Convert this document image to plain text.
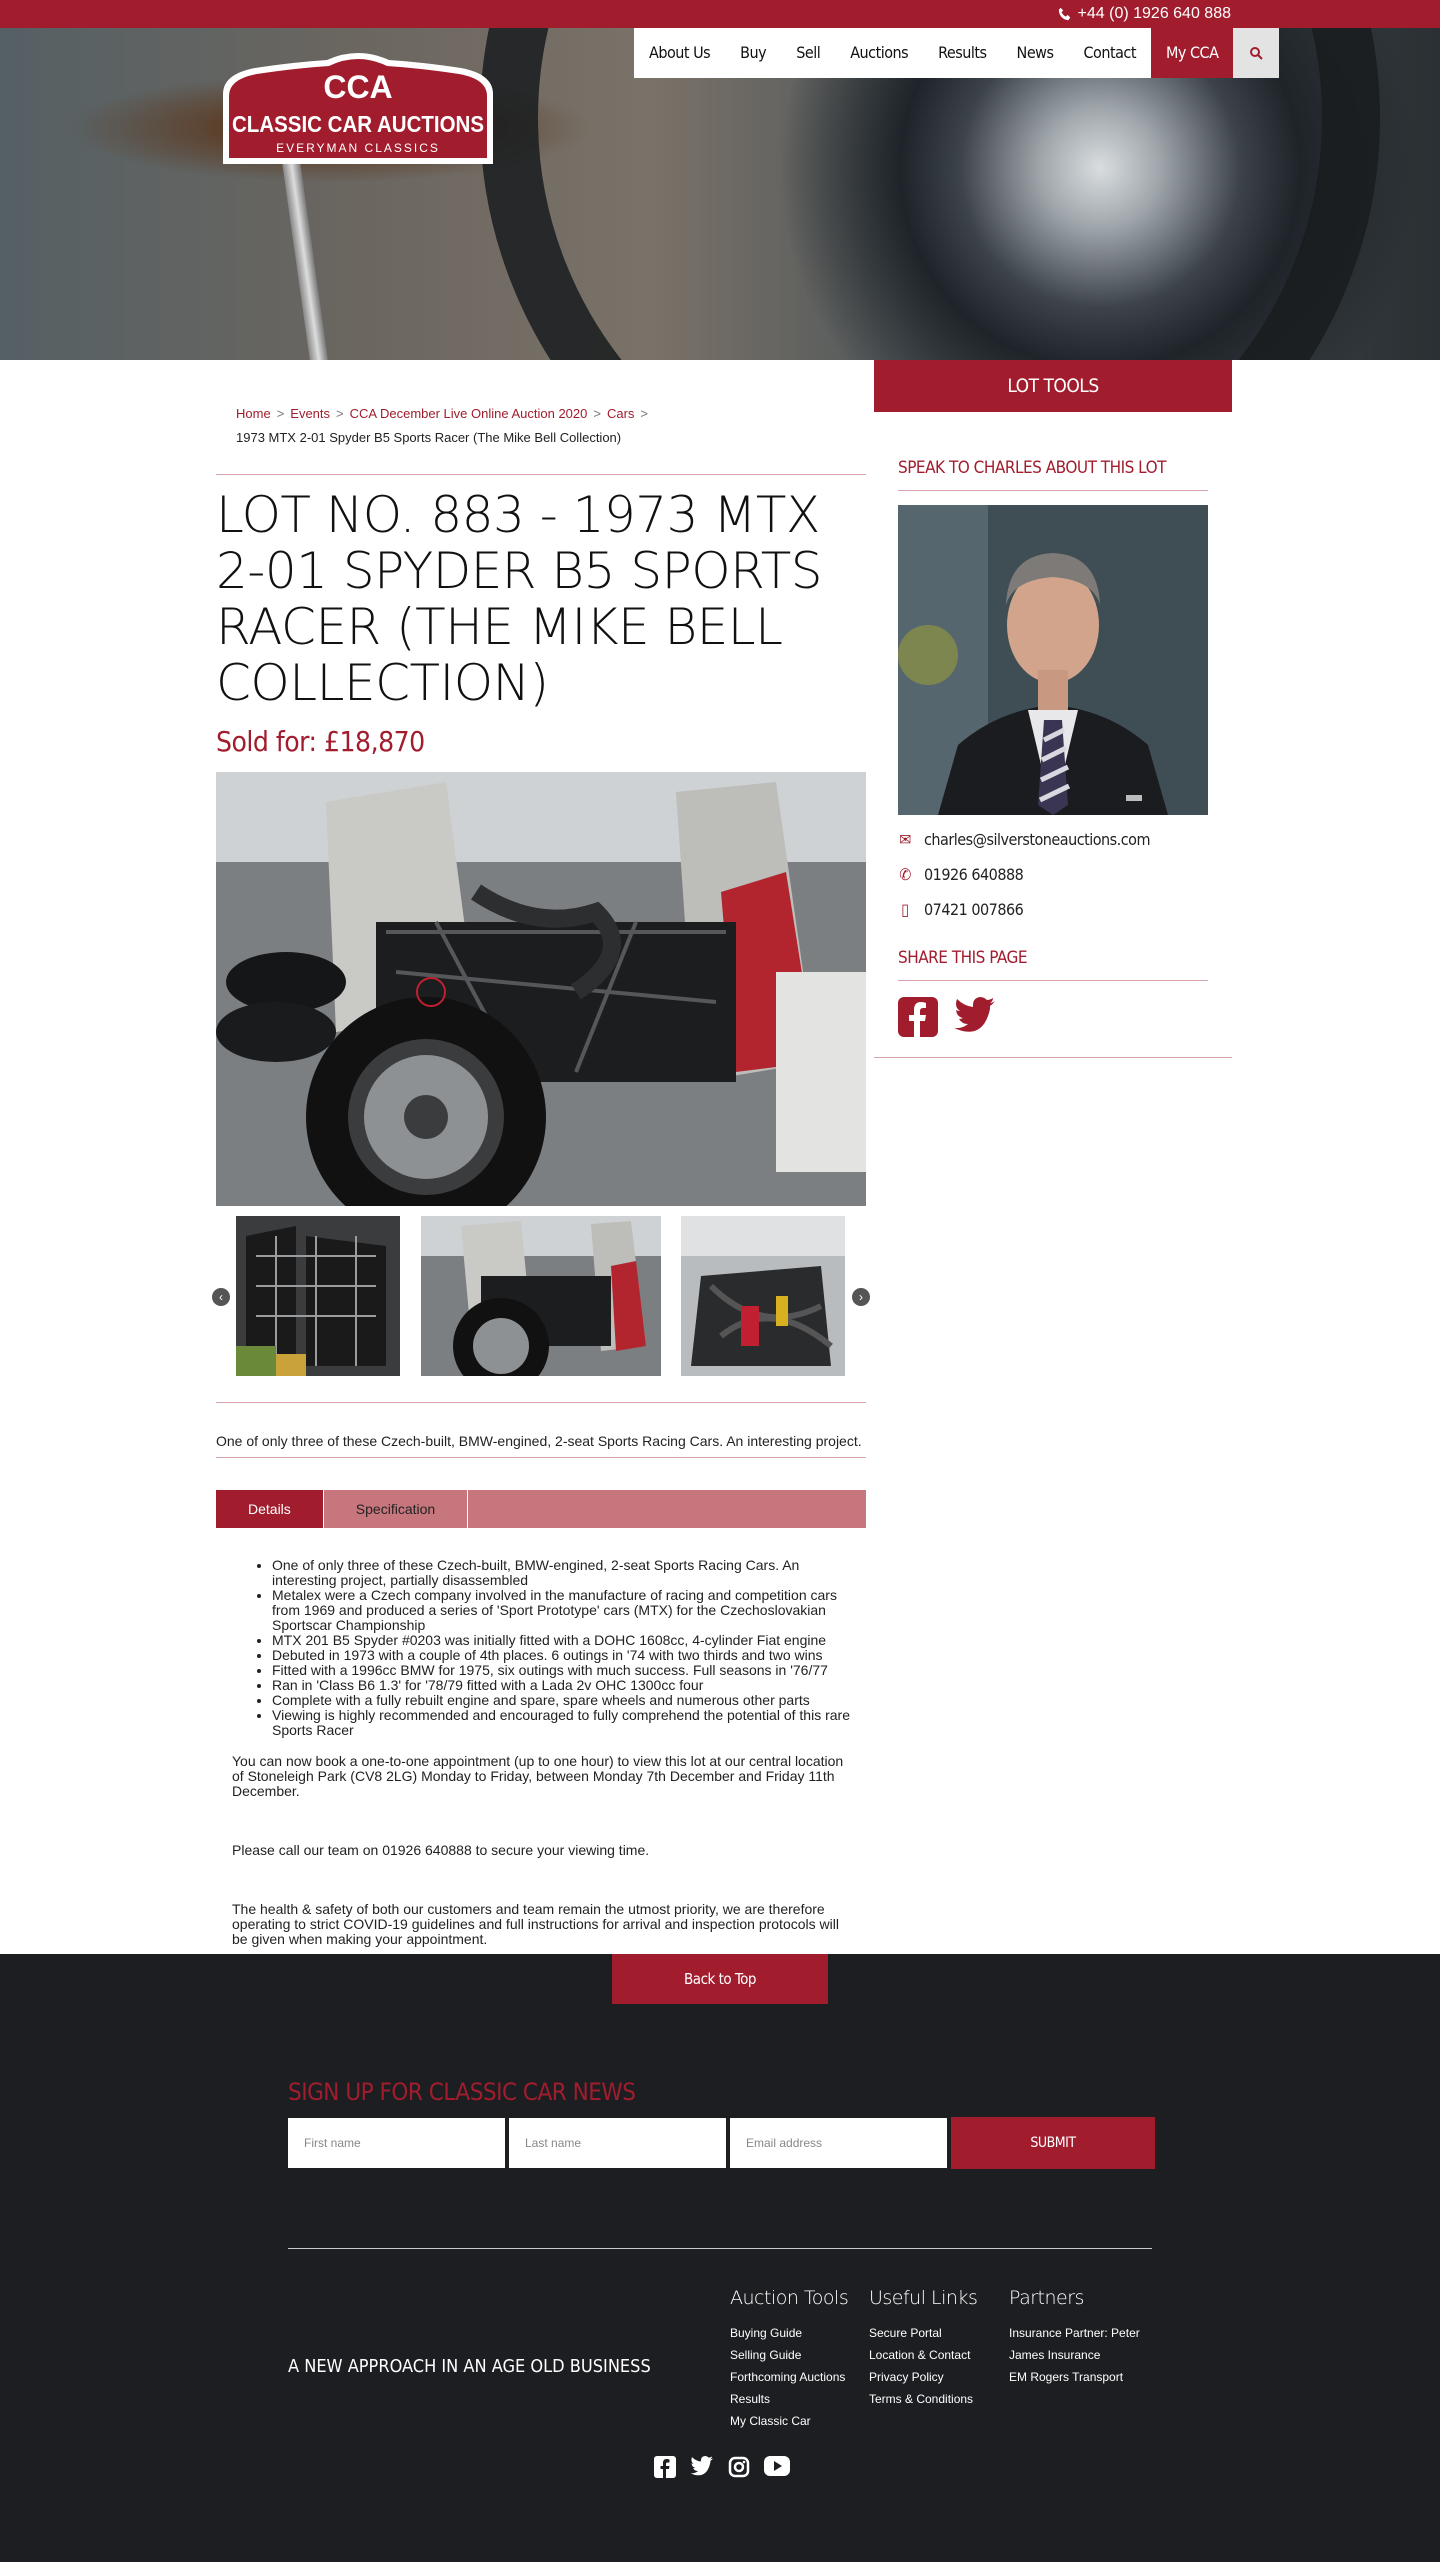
+44 (0) 1926 640 888
CCA
CLASSIC CAR AUCTIONS
EVERYMAN CLASSICS
About Us	Buy	Sell	Auctions	Results	News	Contact	My CCA
Home > Events > CCA December Live Online Auction 2020 > Cars >
1973 MTX 2-01 Spyder B5 Sports Racer (The Mike Bell Collection)
LOT NO. 883 - 1973 MTX 2-01 SPYDER B5 SPORTS RACER (THE MIKE BELL COLLECTION)
Sold for: £18,870
‹	›
One of only three of these Czech-built, BMW-engined, 2-seat Sports Racing Cars. An interesting project.
Details	Specification
• One of only three of these Czech-built, BMW-engined, 2-seat Sports Racing Cars. An interesting project, partially disassembled
• Metalex were a Czech company involved in the manufacture of racing and competition cars from 1969 and produced a series of 'Sport Prototype' cars (MTX) for the Czechoslovakian Sportscar Championship
• MTX 201 B5 Spyder #0203 was initially fitted with a DOHC 1608cc, 4-cylinder Fiat engine
• Debuted in 1973 with a couple of 4th places. 6 outings in '74 with two thirds and two wins
• Fitted with a 1996cc BMW for 1975, six outings with much success. Full seasons in '76/77
• Ran in 'Class B6 1.3' for '78/79 fitted with a Lada 2v OHC 1300cc four
• Complete with a fully rebuilt engine and spare, spare wheels and numerous other parts
• Viewing is highly recommended and encouraged to fully comprehend the potential of this rare Sports Racer

You can now book a one-to-one appointment (up to one hour) to view this lot at our central location of Stoneleigh Park (CV8 2LG) Monday to Friday, between Monday 7th December and Friday 11th December.

Please call our team on 01926 640888 to secure your viewing time.

The health & safety of both our customers and team remain the utmost priority, we are therefore operating to strict COVID-19 guidelines and full instructions for arrival and inspection protocols will be given when making your appointment.

LOT TOOLS
SPEAK TO CHARLES ABOUT THIS LOT
✉ charles@silverstoneauctions.com
✆ 01926 640888
▯ 07421 007866
SHARE THIS PAGE
Back to Top
SIGN UP FOR CLASSIC CAR NEWS
First name	Last name	Email address	SUBMIT
A NEW APPROACH IN AN AGE OLD BUSINESS
Auction Tools
Buying Guide
Selling Guide
Forthcoming Auctions
Results
My Classic Car
Useful Links
Secure Portal
Location & Contact
Privacy Policy
Terms & Conditions
Partners
Insurance Partner: Peter
James Insurance
EM Rogers Transport
